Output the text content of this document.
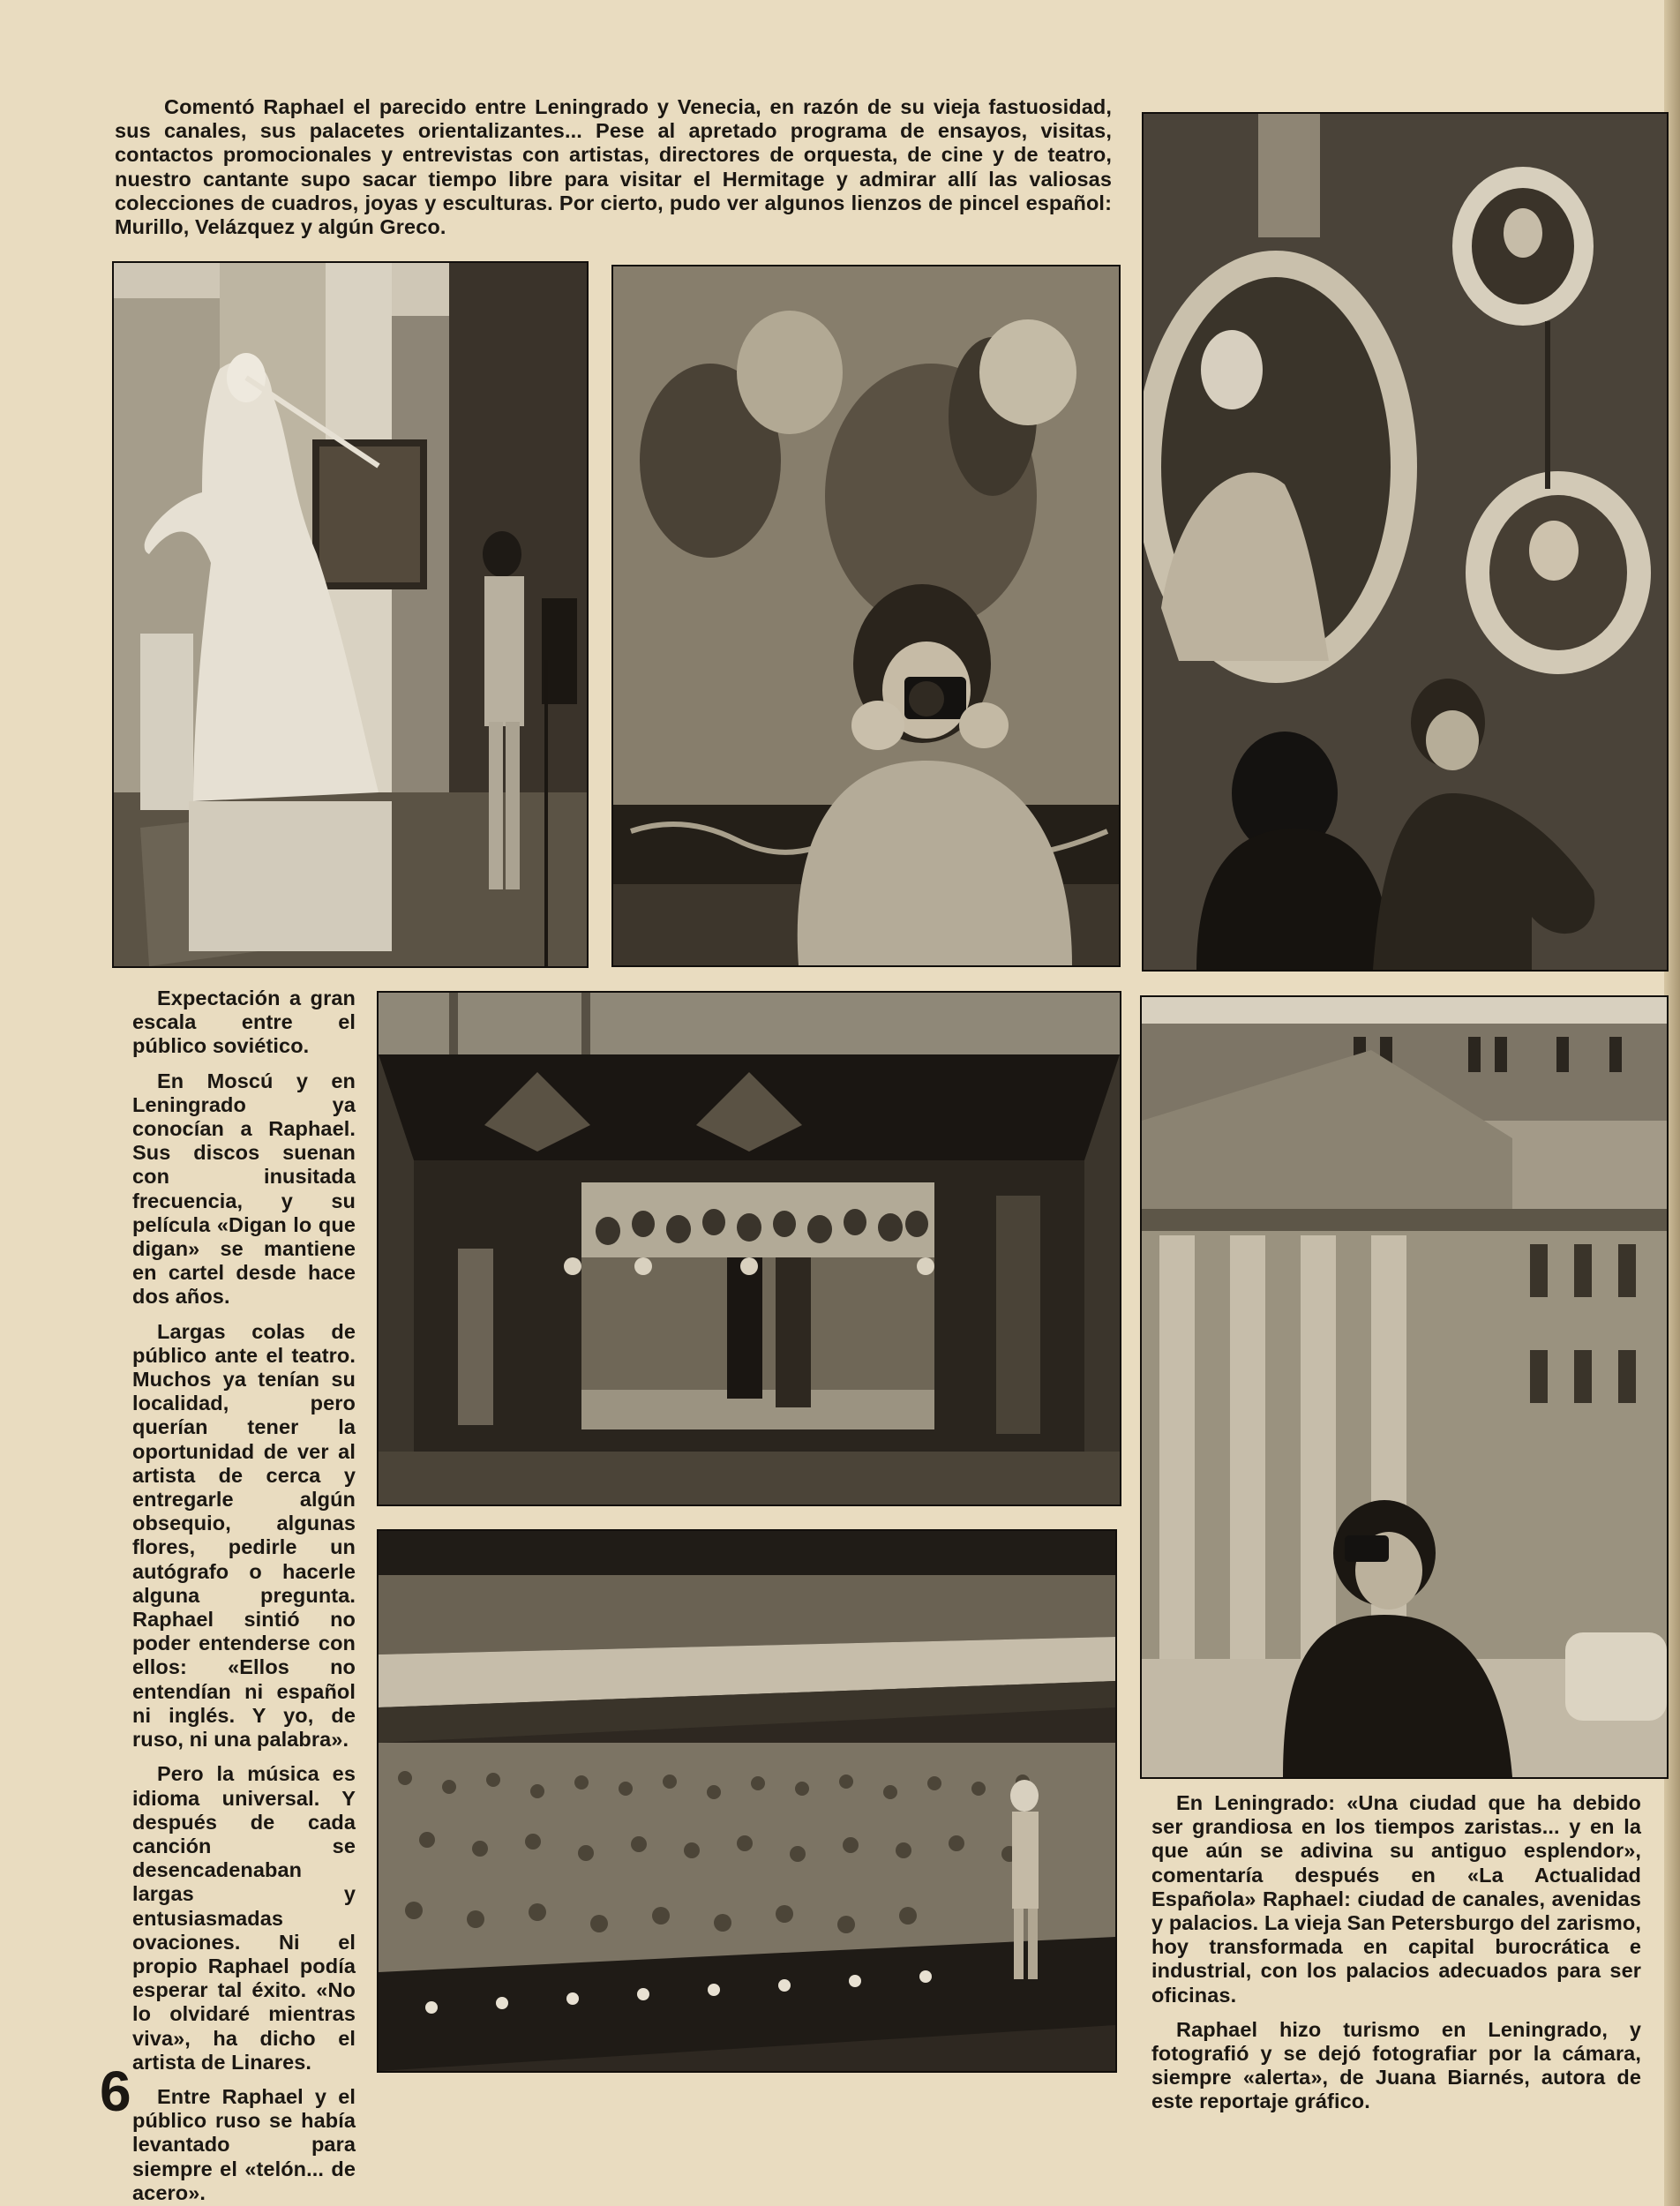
Comentó Raphael el parecido entre Leningrado y Venecia, en razón de su vieja fastuosidad, sus canales, sus palacetes orientalizantes... Pese al apretado programa de ensayos, visitas, contactos promocionales y entrevistas con artistas, directores de orquesta, de cine y de teatro, nuestro cantante supo sacar tiempo libre para visitar el Hermitage y admirar allí las valiosas colecciones de cuadros, joyas y esculturas. Por cierto, pudo ver algunos lienzos de pincel español: Murillo, Velázquez y algún Greco.

Expectación a gran escala entre el público soviético.

En Moscú y en Leningrado ya conocían a Raphael. Sus discos suenan con inusitada frecuencia, y su película «Digan lo que digan» se mantiene en cartel desde hace dos años.

Largas colas de público ante el teatro. Muchos ya tenían su localidad, pero querían tener la oportunidad de ver al artista de cerca y entregarle algún obsequio, algunas flores, pedirle un autógrafo o hacerle alguna pregunta. Raphael sintió no poder entenderse con ellos: «Ellos no entendían ni español ni inglés. Y yo, de ruso, ni una palabra».

Pero la música es idioma universal. Y después de cada canción se desencadenaban largas y entusiasmadas ovaciones. Ni el propio Raphael podía esperar tal éxito. «No lo olvidaré mientras viva», ha dicho el artista de Linares.

Entre Raphael y el público ruso se había levantado para siempre el «telón... de acero».

En Leningrado: «Una ciudad que ha debido ser grandiosa en los tiempos zaristas... y en la que aún se adivina su antiguo esplendor», comentaría después en «La Actualidad Española» Raphael: ciudad de canales, avenidas y palacios. La vieja San Petersburgo del zarismo, hoy transformada en capital burocrática e industrial, con los palacios adecuados para ser oficinas.

Raphael hizo turismo en Leningrado, y fotografió y se dejó fotografiar por la cámara, siempre «alerta», de Juana Biarnés, autora de este reportaje gráfico.

6
